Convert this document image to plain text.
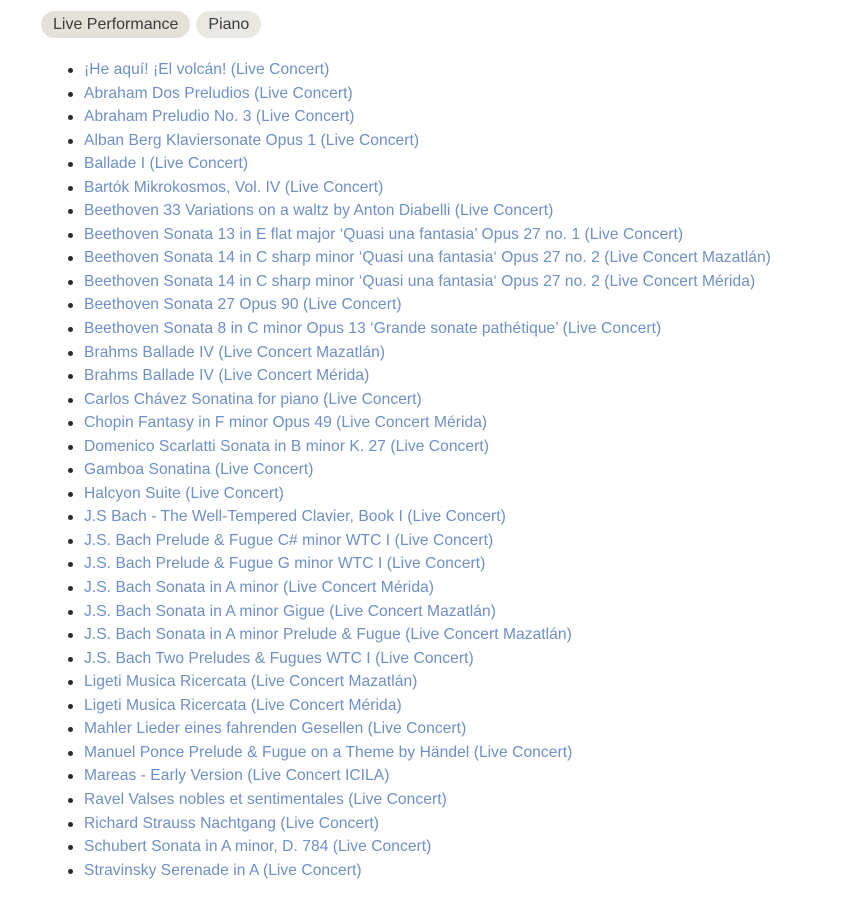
Live Performance	Piano
¡He aquí! ¡El volcán! (Live Concert)
Abraham Dos Preludios (Live Concert)
Abraham Preludio No. 3 (Live Concert)
Alban Berg Klaviersonate Opus 1 (Live Concert)
Ballade I (Live Concert)
Bartók Mikrokosmos, Vol. IV (Live Concert)
Beethoven 33 Variations on a waltz by Anton Diabelli (Live Concert)
Beethoven Sonata 13 in E flat major ‘Quasi una fantasia’ Opus 27 no. 1 (Live Concert)
Beethoven Sonata 14 in C sharp minor ‘Quasi una fantasia‘ Opus 27 no. 2 (Live Concert Mazatlán)
Beethoven Sonata 14 in C sharp minor ‘Quasi una fantasia‘ Opus 27 no. 2 (Live Concert Mérida)
Beethoven Sonata 27 Opus 90 (Live Concert)
Beethoven Sonata 8 in C minor Opus 13 ‘Grande sonate pathétique’ (Live Concert)
Brahms Ballade IV (Live Concert Mazatlán)
Brahms Ballade IV (Live Concert Mérida)
Carlos Chávez Sonatina for piano (Live Concert)
Chopin Fantasy in F minor Opus 49 (Live Concert Mérida)
Domenico Scarlatti Sonata in B minor K. 27 (Live Concert)
Gamboa Sonatina (Live Concert)
Halcyon Suite (Live Concert)
J.S Bach - The Well-Tempered Clavier, Book I (Live Concert)
J.S. Bach Prelude & Fugue C# minor WTC I (Live Concert)
J.S. Bach Prelude & Fugue G minor WTC I (Live Concert)
J.S. Bach Sonata in A minor (Live Concert Mérida)
J.S. Bach Sonata in A minor Gigue (Live Concert Mazatlán)
J.S. Bach Sonata in A minor Prelude & Fugue (Live Concert Mazatlán)
J.S. Bach Two Preludes & Fugues WTC I (Live Concert)
Ligeti Musica Ricercata (Live Concert Mazatlán)
Ligeti Musica Ricercata (Live Concert Mérida)
Mahler Lieder eines fahrenden Gesellen (Live Concert)
Manuel Ponce Prelude & Fugue on a Theme by Händel (Live Concert)
Mareas - Early Version (Live Concert ICILA)
Ravel Valses nobles et sentimentales (Live Concert)
Richard Strauss Nachtgang (Live Concert)
Schubert Sonata in A minor, D. 784 (Live Concert)
Stravinsky Serenade in A (Live Concert)
